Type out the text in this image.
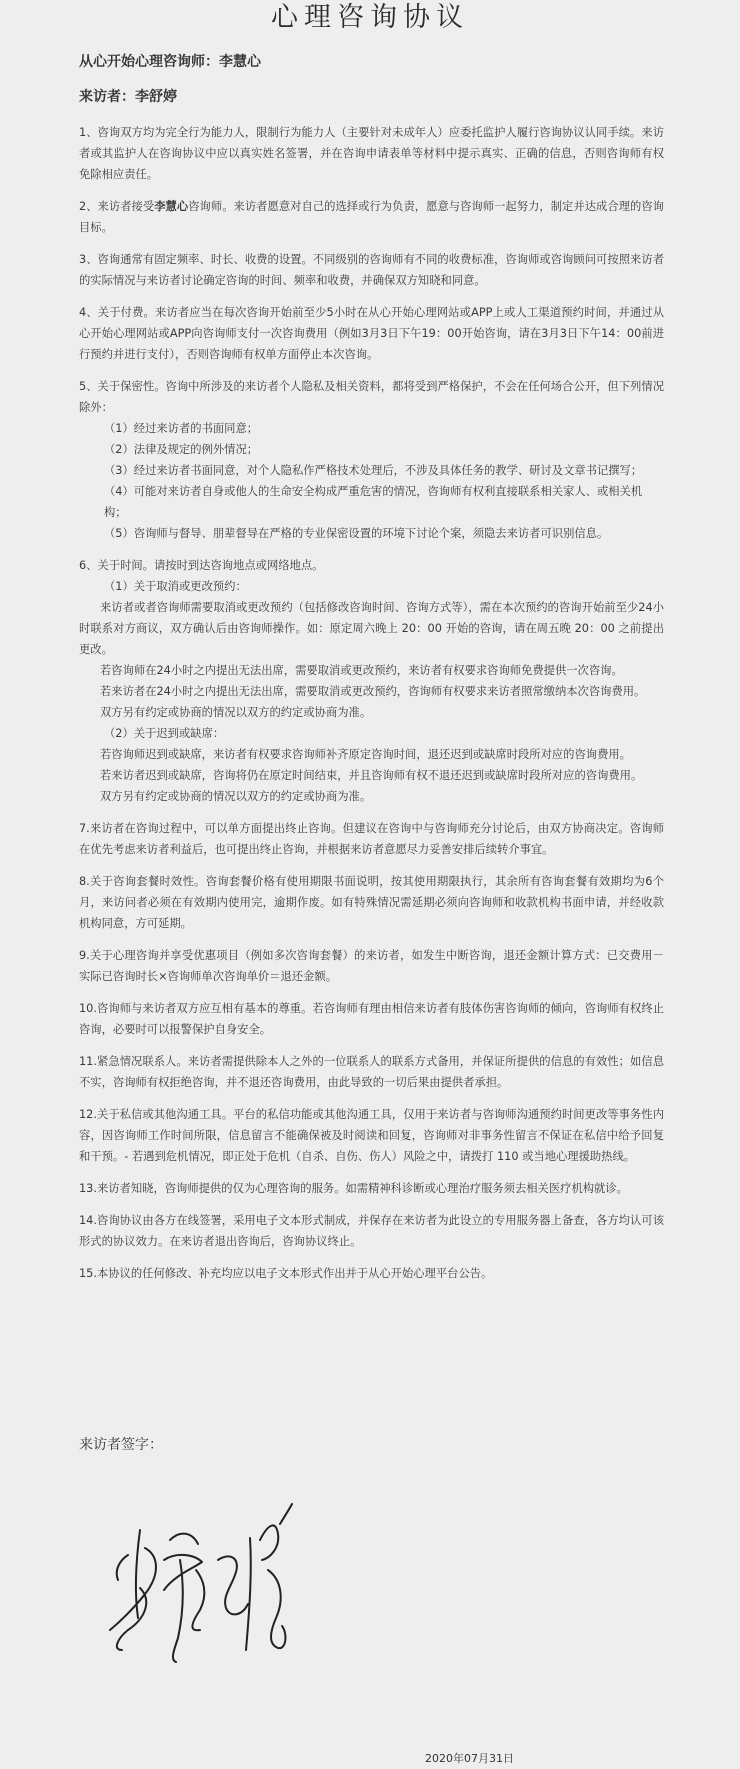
心理咨询协议
从心开始心理咨询师：李慧心
来访者：李舒婷

1、咨询双方均为完全行为能力人，限制行为能力人（主要针对未成年人）应委托监护人履行咨询协议认同手续。来访者或其监护人在咨询协议中应以真实姓名签署，并在咨询申请表单等材料中提示真实、正确的信息，否则咨询师有权免除相应责任。

2、来访者接受李慧心咨询师。来访者愿意对自己的选择或行为负责，愿意与咨询师一起努力，制定并达成合理的咨询目标。

3、咨询通常有固定频率、时长、收费的设置。不同级别的咨询师有不同的收费标准，咨询师或咨询顾问可按照来访者的实际情况与来访者讨论确定咨询的时间、频率和收费，并确保双方知晓和同意。

4、关于付费。来访者应当在每次咨询开始前至少5小时在从心开始心理网站或APP上或人工渠道预约时间，并通过从心开始心理网站或APP向咨询师支付一次咨询费用（例如3月3日下午19：00开始咨询，请在3月3日下午14：00前进行预约并进行支付），否则咨询师有权单方面停止本次咨询。

5、关于保密性。咨询中所涉及的来访者个人隐私及相关资料，都将受到严格保护，不会在任何场合公开，但下列情况除外：

（1）经过来访者的书面同意；

（2）法律及规定的例外情况；

（3）经过来访者书面同意，对个人隐私作严格技术处理后，不涉及具体任务的教学、研讨及文章书记撰写；

（4）可能对来访者自身或他人的生命安全构成严重危害的情况，咨询师有权利直接联系相关家人、或相关机构；

（5）咨询师与督导、朋辈督导在严格的专业保密设置的环境下讨论个案，须隐去来访者可识别信息。

6、关于时间。请按时到达咨询地点或网络地点。

（1）关于取消或更改预约：

来访者或者咨询师需要取消或更改预约（包括修改咨询时间、咨询方式等），需在本次预约的咨询开始前至少24小时联系对方商议，双方确认后由咨询师操作。如：原定周六晚上 20：00 开始的咨询，请在周五晚 20：00 之前提出更改。

若咨询师在24小时之内提出无法出席，需要取消或更改预约，来访者有权要求咨询师免费提供一次咨询。

若来访者在24小时之内提出无法出席，需要取消或更改预约，咨询师有权要求来访者照常缴纳本次咨询费用。

双方另有约定或协商的情况以双方的约定或协商为准。

（2）关于迟到或缺席：

若咨询师迟到或缺席，来访者有权要求咨询师补齐原定咨询时间，退还迟到或缺席时段所对应的咨询费用。

若来访者迟到或缺席，咨询将仍在原定时间结束，并且咨询师有权不退还迟到或缺席时段所对应的咨询费用。

双方另有约定或协商的情况以双方的约定或协商为准。

7.来访者在咨询过程中，可以单方面提出终止咨询。但建议在咨询中与咨询师充分讨论后，由双方协商决定。咨询师在优先考虑来访者利益后，也可提出终止咨询，并根据来访者意愿尽力妥善安排后续转介事宜。

8.关于咨询套餐时效性。咨询套餐价格有使用期限书面说明，按其使用期限执行，其余所有咨询套餐有效期均为6个月，来访问者必须在有效期内使用完，逾期作废。如有特殊情况需延期必须向咨询师和收款机构书面申请，并经收款机构同意，方可延期。

9.关于心理咨询并享受优惠项目（例如多次咨询套餐）的来访者，如发生中断咨询，退还金额计算方式：已交费用－实际已咨询时长×咨询师单次咨询单价＝退还金额。

10.咨询师与来访者双方应互相有基本的尊重。若咨询师有理由相信来访者有肢体伤害咨询师的倾向，咨询师有权终止咨询，必要时可以报警保护自身安全。

11.紧急情况联系人。来访者需提供除本人之外的一位联系人的联系方式备用，并保证所提供的信息的有效性；如信息不实，咨询师有权拒绝咨询，并不退还咨询费用，由此导致的一切后果由提供者承担。

12.关于私信或其他沟通工具。平台的私信功能或其他沟通工具，仅用于来访者与咨询师沟通预约时间更改等事务性内容，因咨询师工作时间所限，信息留言不能确保被及时阅读和回复，咨询师对非事务性留言不保证在私信中给予回复和干预。- 若遇到危机情况，即正处于危机（自杀、自伤、伤人）风险之中，请拨打 110 或当地心理援助热线。

13.来访者知晓，咨询师提供的仅为心理咨询的服务。如需精神科诊断或心理治疗服务须去相关医疗机构就诊。

14.咨询协议由各方在线签署，采用电子文本形式制成，并保存在来访者为此设立的专用服务器上备查，各方均认可该形式的协议效力。在来访者退出咨询后，咨询协议终止。

15.本协议的任何修改、补充均应以电子文本形式作出并于从心开始心理平台公告。

来访者签字：
2020年07月31日
